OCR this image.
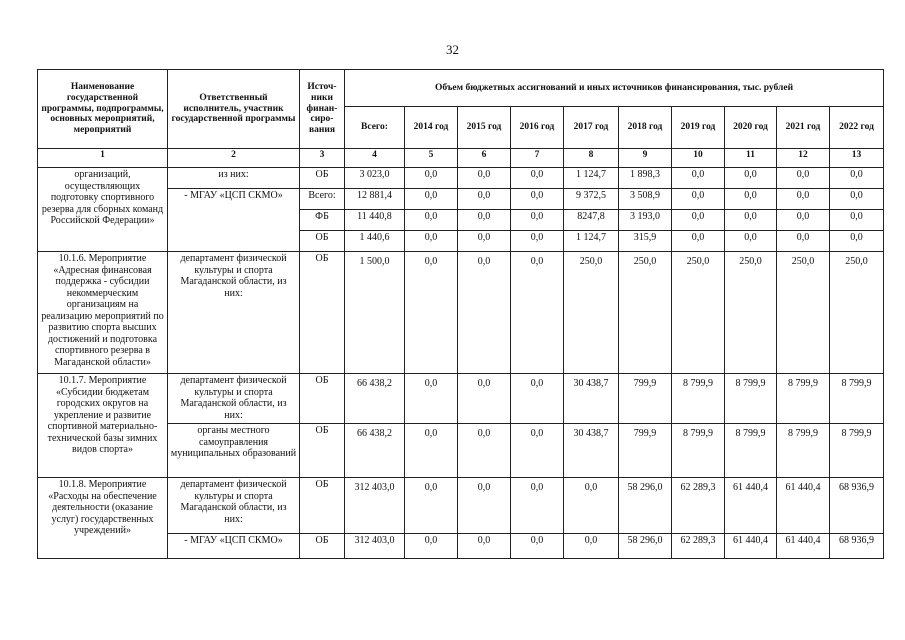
32
Наименование государственной программы, подпрограммы, основных мероприятий, мероприятий	Ответственный исполнитель, участник государственной программы	Источ-ники финан-сиро-вания	Объем бюджетных ассигнований и иных источников финансирования, тыс. рублей									
			Всего:	2014 год	2015 год	2016 год	2017 год	2018 год	2019 год	2020 год	2021 год	2022 год
1	2	3	4	5	6	7	8	9	10	11	12	13
организаций, осуществляющих подготовку спортивного резерва для сборных команд Российской Федерации»	из них:	ОБ	3 023,0	0,0	0,0	0,0	1 124,7	1 898,3	0,0	0,0	0,0	0,0
	- МГАУ «ЦСП СКМО»	Всего:	12 881,4	0,0	0,0	0,0	9 372,5	3 508,9	0,0	0,0	0,0	0,0
		ФБ	11 440,8	0,0	0,0	0,0	8247,8	3 193,0	0,0	0,0	0,0	0,0
		ОБ	1 440,6	0,0	0,0	0,0	1 124,7	315,9	0,0	0,0	0,0	0,0
10.1.6. Мероприятие «Адресная финансовая поддержка - субсидии некоммерческим организациям на реализацию мероприятий по развитию спорта высших достижений и подготовка спортивного резерва в Магаданской области»	департамент физической культуры и спорта Магаданской области, из них:	ОБ	1 500,0	0,0	0,0	0,0	250,0	250,0	250,0	250,0	250,0	250,0
10.1.7. Мероприятие «Субсидии бюджетам городских округов на укрепление и развитие спортивной материально-технической базы зимних видов спорта»	департамент физической культуры и спорта Магаданской области, из них:	ОБ	66 438,2	0,0	0,0	0,0	30 438,7	799,9	8 799,9	8 799,9	8 799,9	8 799,9
	органы местного самоуправления муниципальных образований	ОБ	66 438,2	0,0	0,0	0,0	30 438,7	799,9	8 799,9	8 799,9	8 799,9	8 799,9
10.1.8. Мероприятие «Расходы на обеспечение деятельности (оказание услуг) государственных учреждений»	департамент физической культуры и спорта Магаданской области, из них:	ОБ	312 403,0	0,0	0,0	0,0	0,0	58 296,0	62 289,3	61 440,4	61 440,4	68 936,9
	- МГАУ «ЦСП СКМО»	ОБ	312 403,0	0,0	0,0	0,0	0,0	58 296,0	62 289,3	61 440,4	61 440,4	68 936,9
